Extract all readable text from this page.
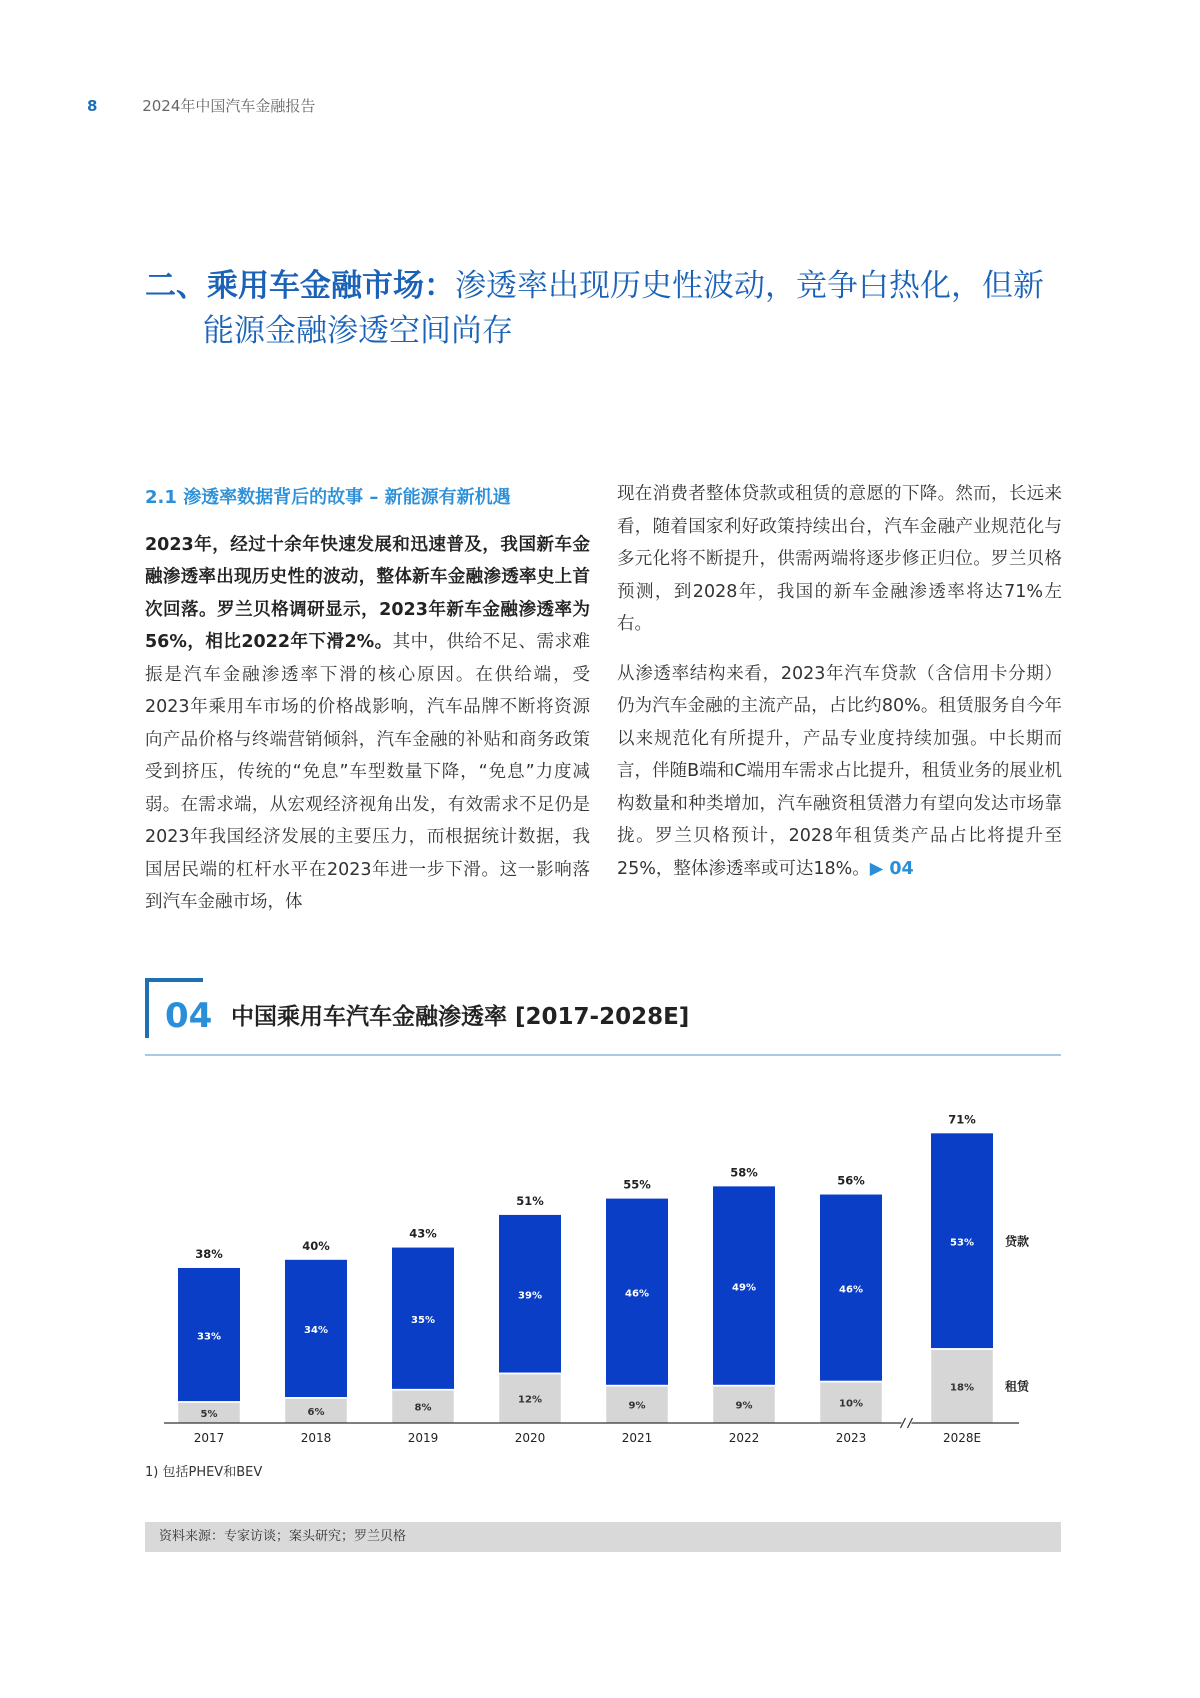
8	2024年中国汽车金融报告
二、乘用车金融市场：渗透率出现历史性波动，竞争白热化，但新
能源金融渗透空间尚存
2.1 渗透率数据背后的故事 – 新能源有新机遇

2023年，经过十余年快速发展和迅速普及，我国新车金融渗透率出现历史性的波动，整体新车金融渗透率史上首次回落。罗兰贝格调研显示，2023年新车金融渗透率为56%，相比2022年下滑2%。其中，供给不足、需求难振是汽车金融渗透率下滑的核心原因。在供给端，受2023年乘用车市场的价格战影响，汽车品牌不断将资源向产品价格与终端营销倾斜，汽车金融的补贴和商务政策受到挤压，传统的“免息”车型数量下降，“免息”力度减弱。在需求端，从宏观经济视角出发，有效需求不足仍是2023年我国经济发展的主要压力，而根据统计数据，我国居民端的杠杆水平在2023年进一步下滑。这一影响落到汽车金融市场，体

现在消费者整体贷款或租赁的意愿的下降。然而，长远来看，随着国家利好政策持续出台，汽车金融产业规范化与多元化将不断提升，供需两端将逐步修正归位。罗兰贝格预测，到2028年，我国的新车金融渗透率将达71%左右。

从渗透率结构来看，2023年汽车贷款（含信用卡分期）仍为汽车金融的主流产品，占比约80%。租赁服务自今年以来规范化有所提升，产品专业度持续加强。中长期而言，伴随B端和C端用车需求占比提升，租赁业务的展业机构数量和种类增加，汽车融资租赁潜力有望向发达市场靠拢。罗兰贝格预计，2028年租赁类产品占比将提升至25%，整体渗透率或可达18%。▶ 04

04 中国乘用车汽车金融渗透率 [2017-2028E]
5%
33%
38%
2017
6%
34%
40%
2018
8%
35%
43%
2019
12%
39%
51%
2020
9%
46%
55%
2021
9%
49%
58%
2022
10%
46%
56%
2023
18%
53%
71%
2028E
贷款
租赁
1) 包括PHEV和BEV
资料来源：专家访谈；案头研究；罗兰贝格
